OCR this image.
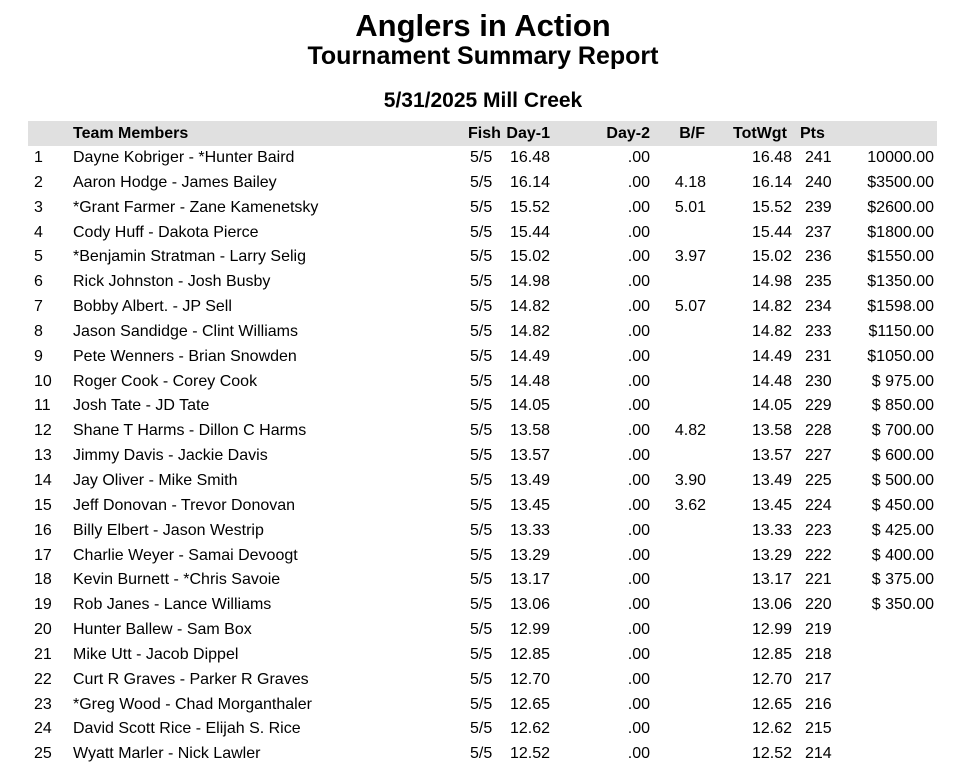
Anglers in Action
Tournament Summary Report
5/31/2025 Mill Creek
Team Members	Fish Day-1	Day-2 B/F TotWgt Pts
1 Dayne Kobriger - *Hunter Baird	5/5 16.48	.00	16.48 241 10000.00
2 Aaron Hodge - James Bailey	5/5 16.14	.00 4.18	16.14 240 $3500.00
3 *Grant Farmer - Zane Kamenetsky	5/5 15.52	.00 5.01	15.52 239 $2600.00
4 Cody Huff - Dakota Pierce	5/5 15.44	.00	15.44 237 $1800.00
5 *Benjamin Stratman - Larry Selig	5/5 15.02	.00 3.97	15.02 236 $1550.00
6 Rick Johnston - Josh Busby	5/5 14.98	.00	14.98 235 $1350.00
7 Bobby Albert. - JP Sell	5/5 14.82	.00 5.07	14.82 234 $1598.00
8 Jason Sandidge - Clint Williams	5/5 14.82	.00	14.82 233 $1150.00
9 Pete Wenners - Brian Snowden	5/5 14.49	.00	14.49 231 $1050.00
10 Roger Cook - Corey Cook	5/5 14.48	.00	14.48 230	$ 975.00
11 Josh Tate - JD Tate	5/5 14.05	.00	14.05 229	$ 850.00
12 Shane T Harms - Dillon C Harms	5/5 13.58	.00 4.82	13.58 228	$ 700.00
13 Jimmy Davis - Jackie Davis	5/5 13.57	.00	13.57 227	$ 600.00
14 Jay Oliver - Mike Smith	5/5 13.49	.00 3.90	13.49 225	$ 500.00
15 Jeff Donovan - Trevor Donovan	5/5 13.45	.00 3.62	13.45 224	$ 450.00
16 Billy Elbert - Jason Westrip	5/5 13.33	.00	13.33 223	$ 425.00
17 Charlie Weyer - Samai Devoogt	5/5 13.29	.00	13.29 222	$ 400.00
18 Kevin Burnett - *Chris Savoie	5/5 13.17	.00	13.17 221	$ 375.00
19 Rob Janes - Lance Williams	5/5 13.06	.00	13.06 220	$ 350.00
20 Hunter Ballew - Sam Box	5/5 12.99	.00	12.99 219
21 Mike Utt - Jacob Dippel	5/5 12.85	.00	12.85 218
22 Curt R Graves - Parker R Graves	5/5 12.70	.00	12.70 217
23 *Greg Wood - Chad Morganthaler	5/5 12.65	.00	12.65 216
24 David Scott Rice - Elijah S. Rice	5/5 12.62	.00	12.62 215
25 Wyatt Marler - Nick Lawler	5/5 12.52	.00	12.52 214
